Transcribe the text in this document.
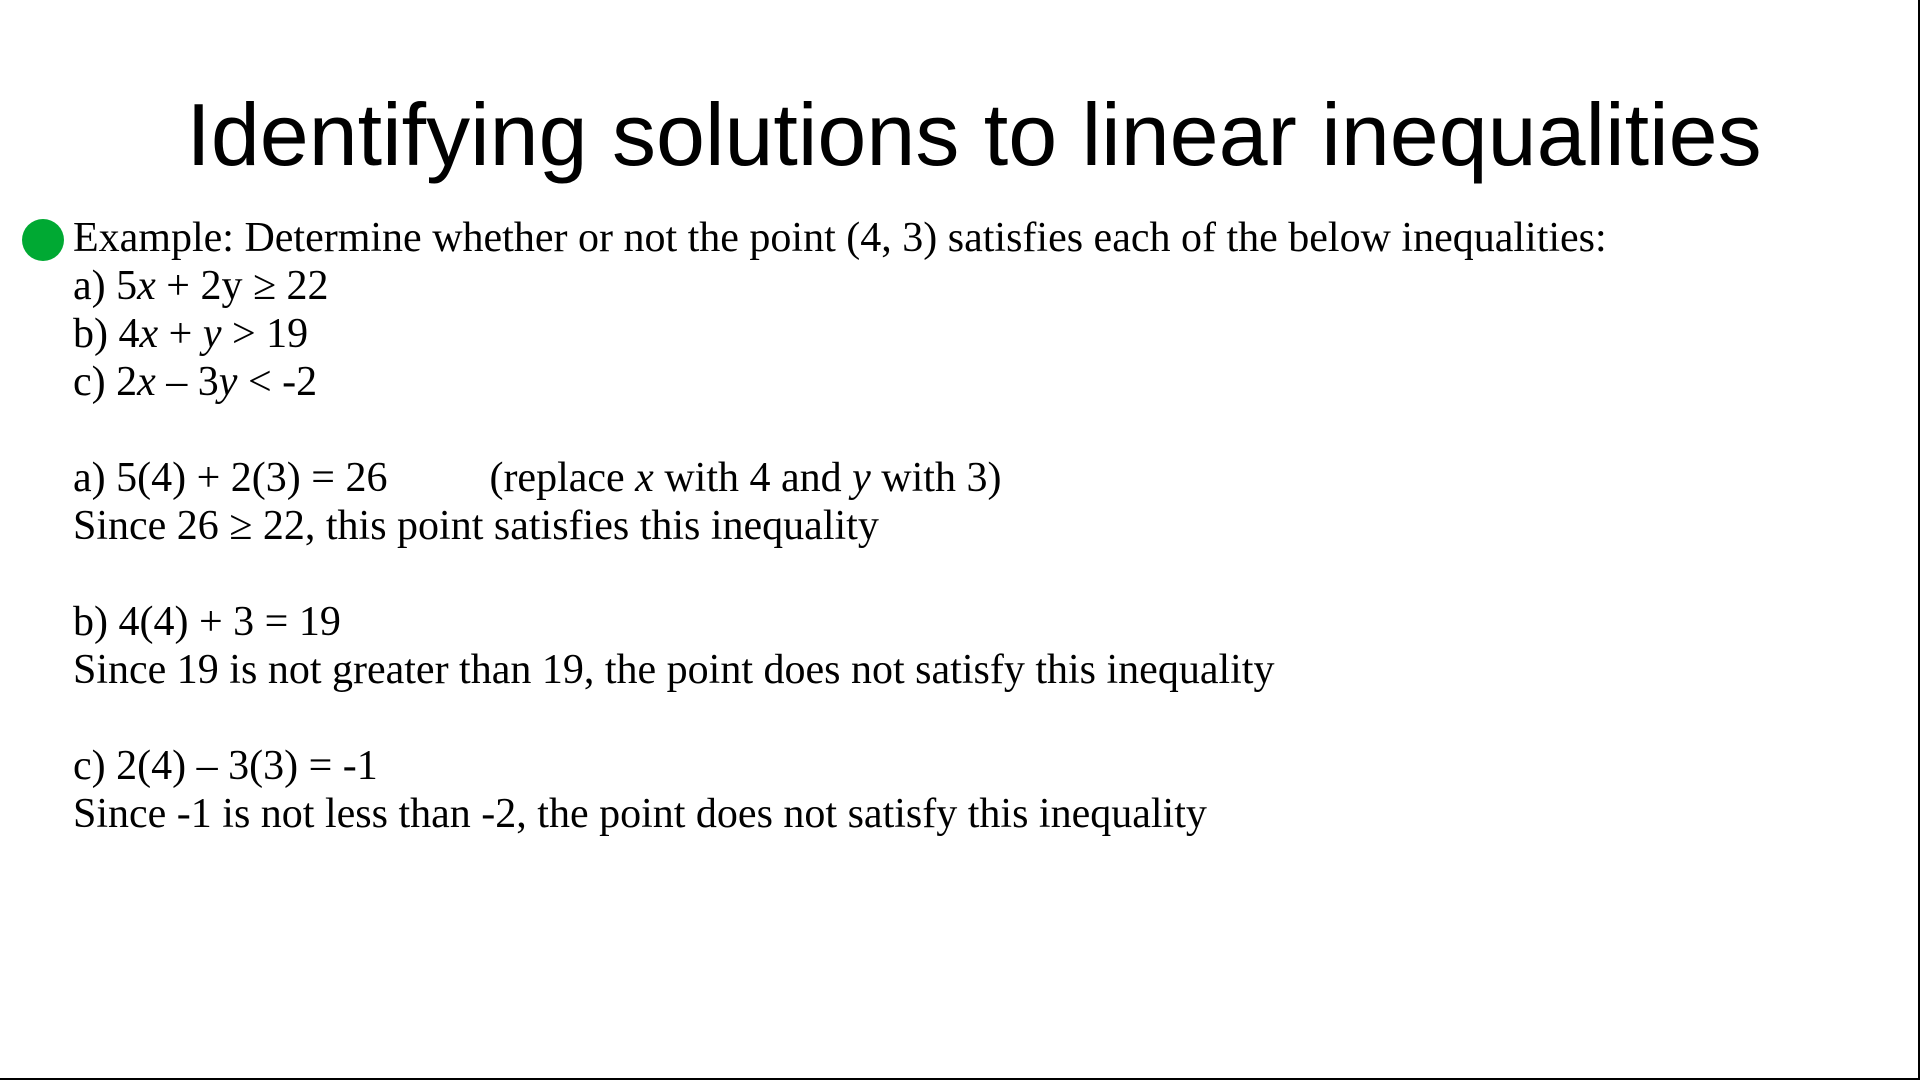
Identifying solutions to linear inequalities
Example: Determine whether or not the point (4, 3) satisfies each of the below inequalities:
a) 5x + 2y ≥ 22
b) 4x + y > 19
c) 2x – 3y < -2
a) 5(4) + 2(3) = 26 (replace x with 4 and y with 3)
Since 26 ≥ 22, this point satisfies this inequality
b) 4(4) + 3 = 19
Since 19 is not greater than 19, the point does not satisfy this inequality
c) 2(4) – 3(3) = -1
Since -1 is not less than -2, the point does not satisfy this inequality
